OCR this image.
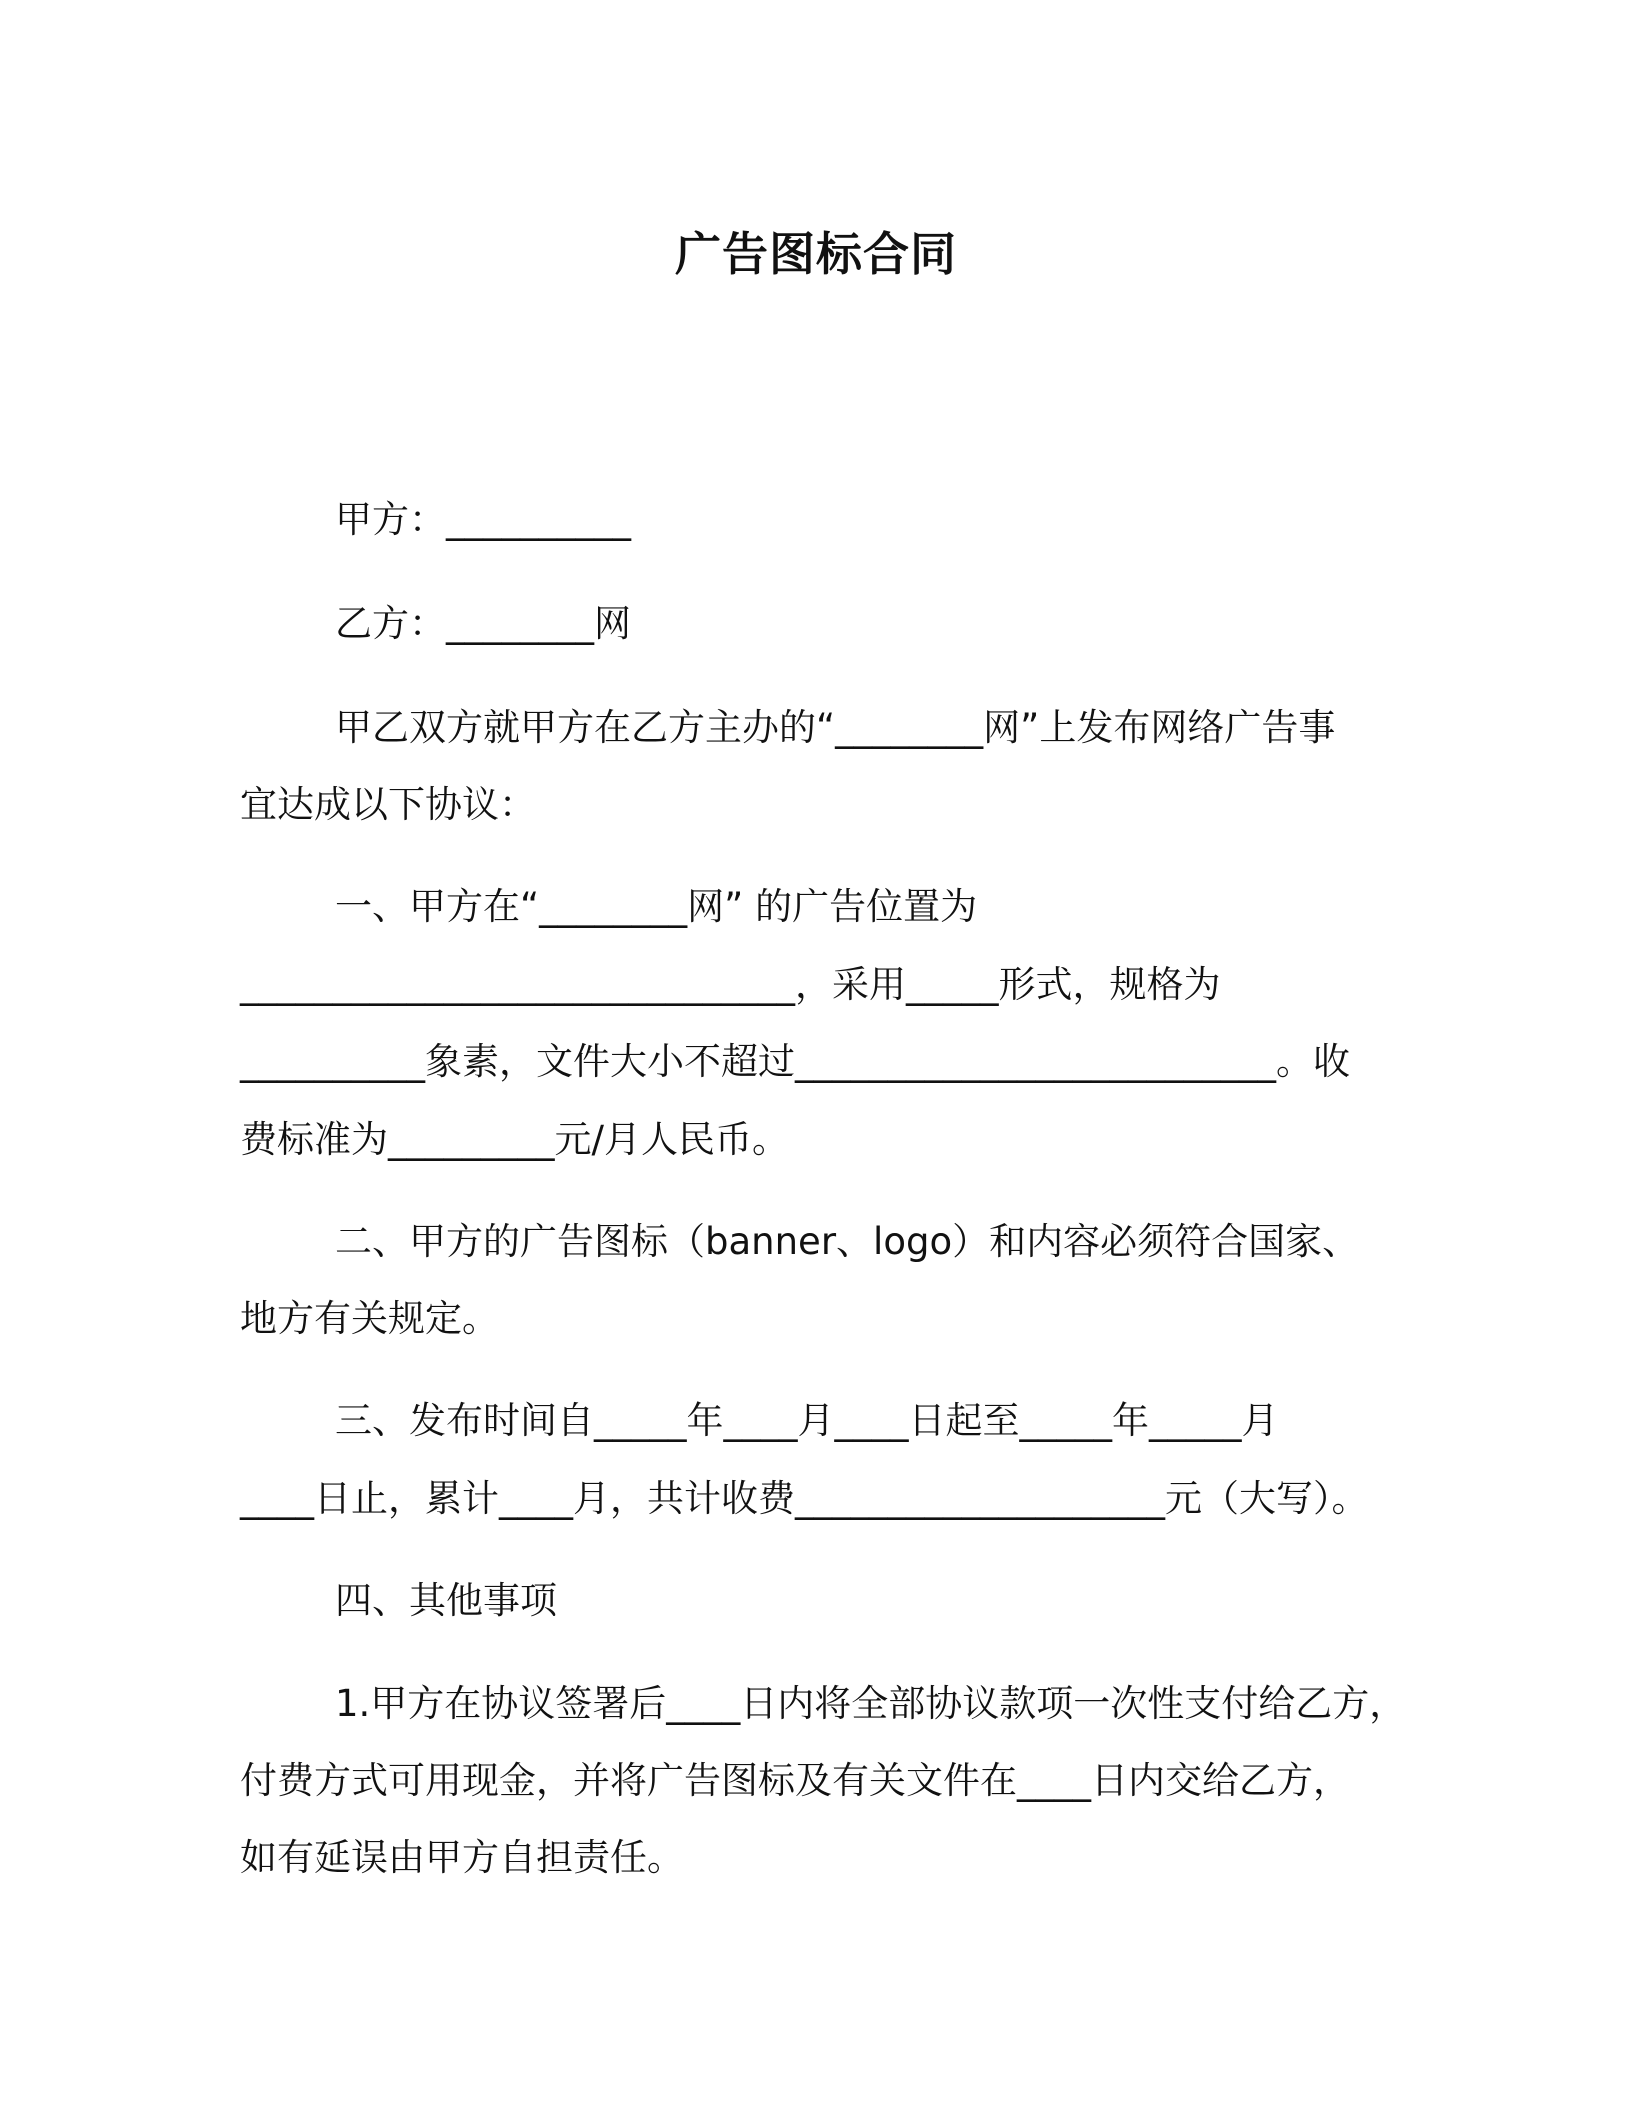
广告图标合同

甲方：__________

乙方：________网

甲乙双方就甲方在乙方主办的“________网”上发布网络广告事

宜达成以下协议：

一、甲方在“________网” 的广告位置为

______________________________，采用_____形式，规格为

__________象素，文件大小不超过__________________________。收

费标准为_________元/月人民币。

二、甲方的广告图标（banner、logo）和内容必须符合国家、

地方有关规定。

三、发布时间自_____年____月____日起至_____年_____月

____日止，累计____月，共计收费____________________元（大写）。

四、其他事项

1.甲方在协议签署后____日内将全部协议款项一次性支付给乙方，

付费方式可用现金，并将广告图标及有关文件在____日内交给乙方，

如有延误由甲方自担责任。
